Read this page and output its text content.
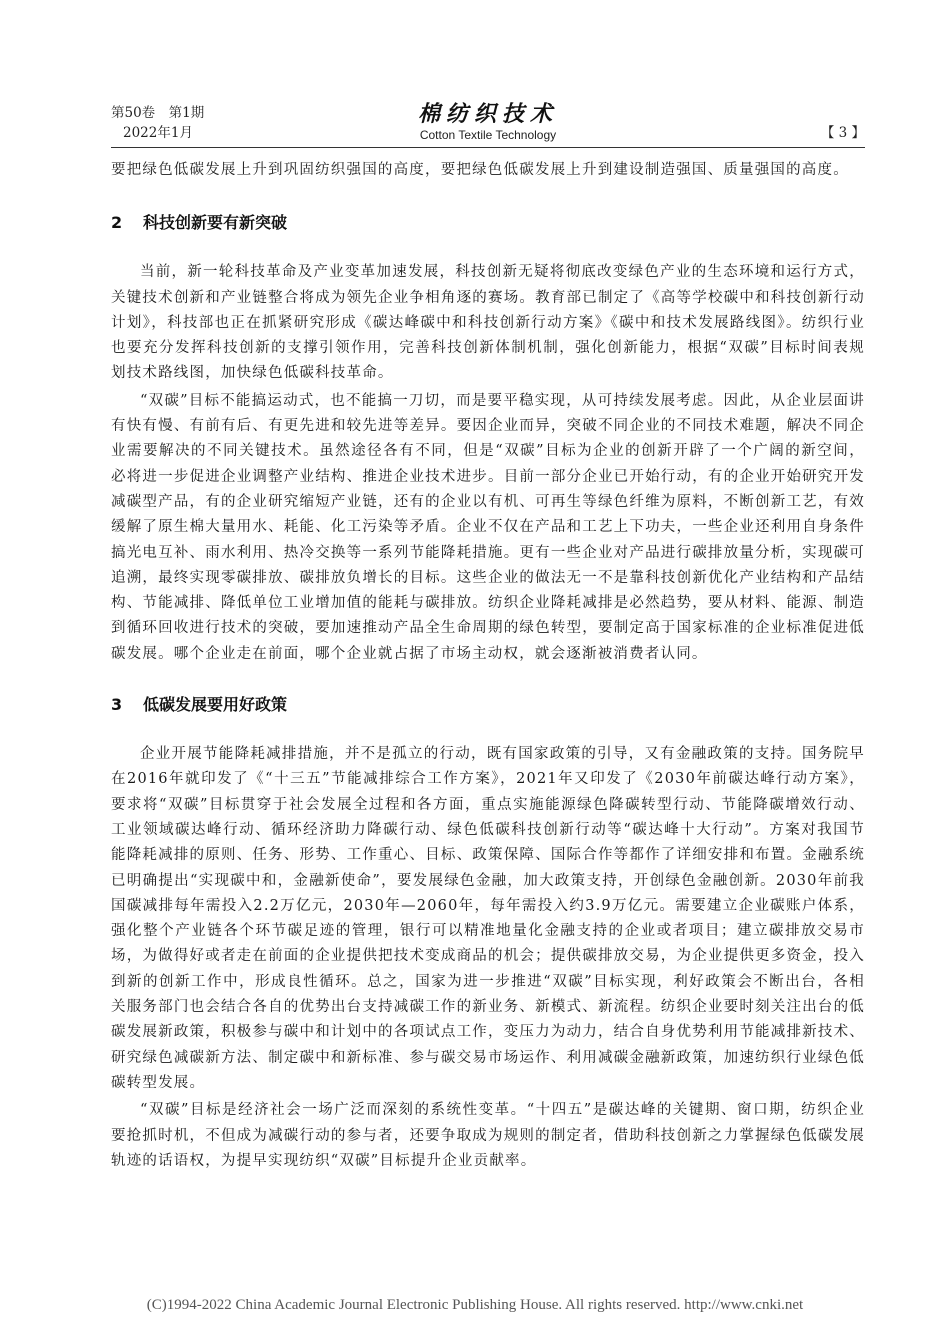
第50卷　第1期
2022年1月
棉纺织技术
Cotton Textile Technology	【 3 】

要把绿色低碳发展上升到巩固纺织强国的高度，要把绿色低碳发展上升到建设制造强国、质量强国的高度。

2 科技创新要有新突破

当前，新一轮科技革命及产业变革加速发展，科技创新无疑将彻底改变绿色产业的生态环境和运行方式，关键技术创新和产业链整合将成为领先企业争相角逐的赛场。教育部已制定了《高等学校碳中和科技创新行动计划》，科技部也正在抓紧研究形成《碳达峰碳中和科技创新行动方案》《碳中和技术发展路线图》。纺织行业也要充分发挥科技创新的支撑引领作用，完善科技创新体制机制，强化创新能力，根据“双碳”目标时间表规划技术路线图，加快绿色低碳科技革命。

“双碳”目标不能搞运动式，也不能搞一刀切，而是要平稳实现，从可持续发展考虑。因此，从企业层面讲有快有慢、有前有后、有更先进和较先进等差异。要因企业而异，突破不同企业的不同技术难题，解决不同企业需要解决的不同关键技术。虽然途径各有不同，但是“双碳”目标为企业的创新开辟了一个广阔的新空间，必将进一步促进企业调整产业结构、推进企业技术进步。目前一部分企业已开始行动，有的企业开始研究开发减碳型产品，有的企业研究缩短产业链，还有的企业以有机、可再生等绿色纤维为原料，不断创新工艺，有效缓解了原生棉大量用水、耗能、化工污染等矛盾。企业不仅在产品和工艺上下功夫，一些企业还利用自身条件搞光电互补、雨水利用、热冷交换等一系列节能降耗措施。更有一些企业对产品进行碳排放量分析，实现碳可追溯，最终实现零碳排放、碳排放负增长的目标。这些企业的做法无一不是靠科技创新优化产业结构和产品结构、节能减排、降低单位工业增加值的能耗与碳排放。纺织企业降耗减排是必然趋势，要从材料、能源、制造到循环回收进行技术的突破，要加速推动产品全生命周期的绿色转型，要制定高于国家标准的企业标准促进低碳发展。哪个企业走在前面，哪个企业就占据了市场主动权，就会逐渐被消费者认同。

3 低碳发展要用好政策

企业开展节能降耗减排措施，并不是孤立的行动，既有国家政策的引导，又有金融政策的支持。国务院早在2016年就印发了《“十三五”节能减排综合工作方案》，2021年又印发了《2030年前碳达峰行动方案》，要求将“双碳”目标贯穿于社会发展全过程和各方面，重点实施能源绿色降碳转型行动、节能降碳增效行动、工业领域碳达峰行动、循环经济助力降碳行动、绿色低碳科技创新行动等“碳达峰十大行动”。方案对我国节能降耗减排的原则、任务、形势、工作重心、目标、政策保障、国际合作等都作了详细安排和布置。金融系统已明确提出“实现碳中和，金融新使命”，要发展绿色金融，加大政策支持，开创绿色金融创新。2030年前我国碳减排每年需投入2.2万亿元，2030年—2060年，每年需投入约3.9万亿元。需要建立企业碳账户体系，强化整个产业链各个环节碳足迹的管理，银行可以精准地量化金融支持的企业或者项目；建立碳排放交易市场，为做得好或者走在前面的企业提供把技术变成商品的机会；提供碳排放交易，为企业提供更多资金，投入到新的创新工作中，形成良性循环。总之，国家为进一步推进“双碳”目标实现，利好政策会不断出台，各相关服务部门也会结合各自的优势出台支持减碳工作的新业务、新模式、新流程。纺织企业要时刻关注出台的低碳发展新政策，积极参与碳中和计划中的各项试点工作，变压力为动力，结合自身优势利用节能减排新技术、研究绿色减碳新方法、制定碳中和新标准、参与碳交易市场运作、利用减碳金融新政策，加速纺织行业绿色低碳转型发展。

“双碳”目标是经济社会一场广泛而深刻的系统性变革。“十四五”是碳达峰的关键期、窗口期，纺织企业要抢抓时机，不但成为减碳行动的参与者，还要争取成为规则的制定者，借助科技创新之力掌握绿色低碳发展轨迹的话语权，为提早实现纺织“双碳”目标提升企业贡献率。

(C)1994-2022 China Academic Journal Electronic Publishing House. All rights reserved. http://www.cnki.net
